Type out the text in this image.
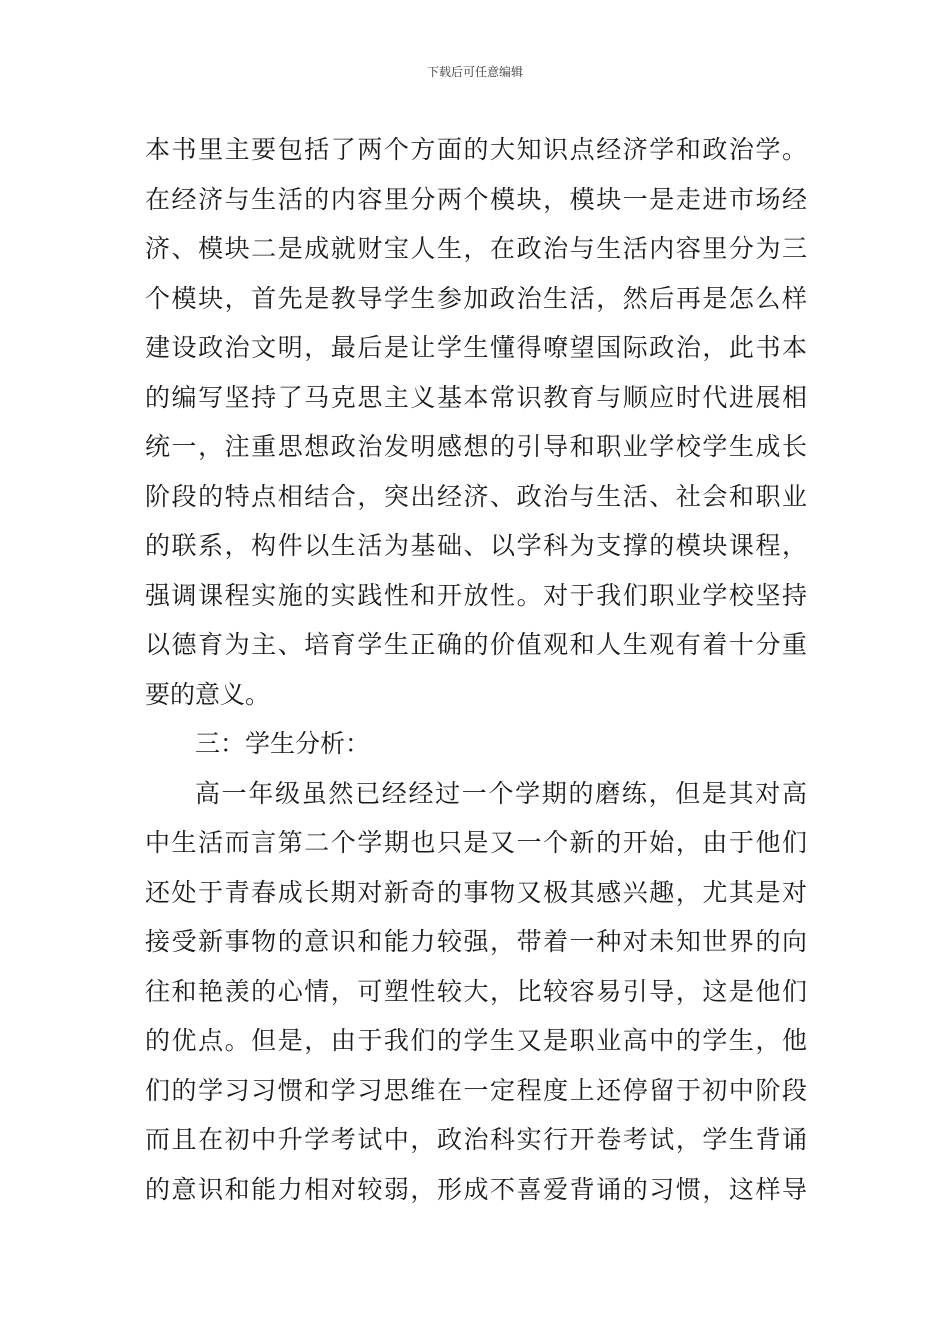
下载后可任意编辑
本书里主要包括了两个方面的大知识点经济学和政治学。
在经济与生活的内容里分两个模块，模块一是走进市场经
济、模块二是成就财宝人生，在政治与生活内容里分为三
个模块，首先是教导学生参加政治生活，然后再是怎么样
建设政治文明，最后是让学生懂得嘹望国际政治，此书本
的编写坚持了马克思主义基本常识教育与顺应时代进展相
统一，注重思想政治发明感想的引导和职业学校学生成长
阶段的特点相结合，突出经济、政治与生活、社会和职业
的联系，构件以生活为基础、以学科为支撑的模块课程，
强调课程实施的实践性和开放性。对于我们职业学校坚持
以德育为主、培育学生正确的价值观和人生观有着十分重
要的意义。
三：学生分析：
高一年级虽然已经经过一个学期的磨练，但是其对高
中生活而言第二个学期也只是又一个新的开始，由于他们
还处于青春成长期对新奇的事物又极其感兴趣，尤其是对
接受新事物的意识和能力较强，带着一种对未知世界的向
往和艳羡的心情，可塑性较大，比较容易引导，这是他们
的优点。但是，由于我们的学生又是职业高中的学生，他
们的学习习惯和学习思维在一定程度上还停留于初中阶段
而且在初中升学考试中，政治科实行开卷考试，学生背诵
的意识和能力相对较弱，形成不喜爱背诵的习惯，这样导
